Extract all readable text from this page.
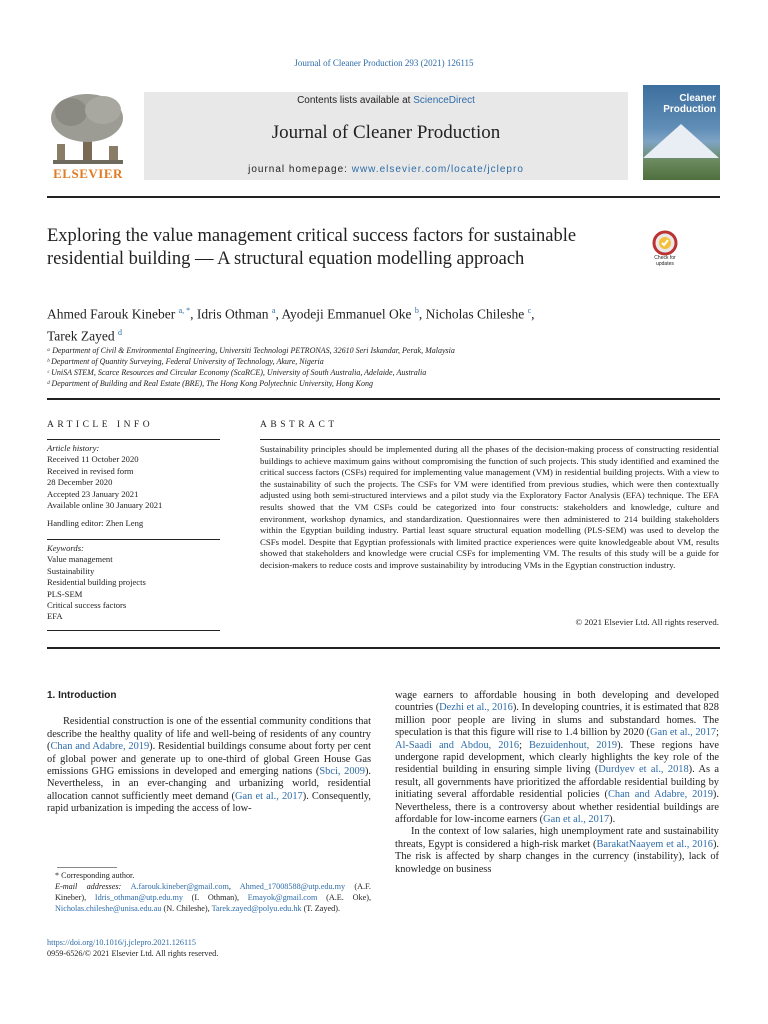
Journal of Cleaner Production 293 (2021) 126115
ELSEVIER
Contents lists available at ScienceDirect
Journal of Cleaner Production
journal homepage: www.elsevier.com/locate/jclepro
Cleaner
Production
Exploring the value management critical success factors for sustainable residential building — A structural equation modelling approach	Check for updates
Ahmed Farouk Kineber $^{a, *}$, Idris Othman $^a$, Ayodeji Emmanuel Oke $^b$, Nicholas Chileshe $^c$,
Tarek Zayed $^d$
ᵃ Department of Civil & Environmental Engineering, Universiti Technologi PETRONAS, 32610 Seri Iskandar, Perak, Malaysia
ᵇ Department of Quantity Surveying, Federal University of Technology, Akure, Nigeria
ᶜ UniSA STEM, Scarce Resources and Circular Economy (ScaRCE), University of South Australia, Adelaide, Australia
ᵈ Department of Building and Real Estate (BRE), The Hong Kong Polytechnic University, Hong Kong
ARTICLE INFO	ABSTRACT
Article history:
Received 11 October 2020
Received in revised form
28 December 2020
Accepted 23 January 2021
Available online 30 January 2021
Handling editor: Zhen Leng
Keywords:
Value management
Sustainability
Residential building projects
PLS-SEM
Critical success factors
EFA
Sustainability principles should be implemented during all the phases of the decision-making process of constructing residential buildings to achieve maximum gains without compromising the function of such projects. This study identified and examined the critical success factors (CSFs) required for implementing value management (VM) in residential building projects. With a view to the sustainability of such the projects. The CSFs for VM were identified from previous studies, which were then contextually adjusted using both semi-structured interviews and a pilot study via the Exploratory Factor Analysis (EFA) technique. The EFA results showed that the VM CSFs could be categorized into four constructs: stakeholders and knowledge, culture and environment, workshop dynamics, and standardization. Questionnaires were then administered to 214 building stakeholders within the Egyptian building industry. Partial least square structural equation modelling (PLS-SEM) was used to develop the CSFs model. Despite that Egyptian professionals with limited practice experiences were quite knowledgeable about VM, results showed that stakeholders and knowledge were crucial CSFs for implementing VM. The results of this study will be a guide for decision-makers to reduce costs and improve sustainability by introducing VMs in the Egyptian construction industry.
© 2021 Elsevier Ltd. All rights reserved.
1. Introduction

Residential construction is one of the essential community conditions that describe the healthy quality of life and well-being of residents of any country (Chan and Adabre, 2019). Residential buildings consume about forty per cent of global power and generate up to one-third of global Green House Gas emissions GHG emissions in developed and emerging nations (Sbci, 2009). Nevertheless, in an ever-changing and urbanizing world, residential allocation cannot sufficiently meet demand (Gan et al., 2017). Consequently, rapid urbanization is impeding the access of low-

wage earners to affordable housing in both developing and developed countries (Dezhi et al., 2016). In developing countries, it is estimated that 828 million poor people are living in slums and substandard homes. The speculation is that this figure will rise to 1.4 billion by 2020 (Gan et al., 2017; Al-Saadi and Abdou, 2016; Bezuidenhout, 2019). These regions have undergone rapid development, which clearly highlights the key role of the residential building in ensuring simple living (Durdyev et al., 2018). As a result, all governments have prioritized the affordable residential building by initiating several affordable residential policies (Chan and Adabre, 2019). Nevertheless, there is a controversy about whether residential buildings are affordable for low-income earners (Gan et al., 2017).

In the context of low salaries, high unemployment rate and sustainability threats, Egypt is considered a high-risk market (BarakatNaayem et al., 2016). The risk is affected by sharp changes in the currency (instability), lack of knowledge on business

* Corresponding author.
E-mail addresses: A.farouk.kineber@gmail.com, Ahmed_17008588@utp.edu.my (A.F. Kineber), Idris_othman@utp.edu.my (I. Othman), Emayok@gmail.com (A.E. Oke), Nicholas.chileshe@unisa.edu.au (N. Chileshe), Tarek.zayed@polyu.edu.hk (T. Zayed).
https://doi.org/10.1016/j.jclepro.2021.126115
0959-6526/© 2021 Elsevier Ltd. All rights reserved.
